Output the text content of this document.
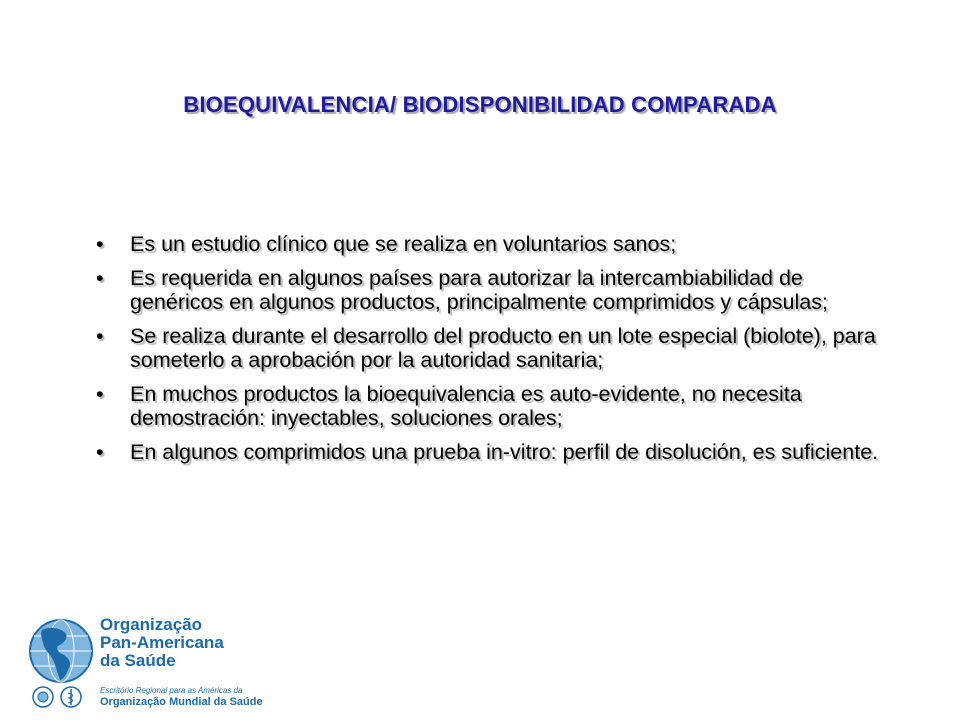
BIOEQUIVALENCIA/ BIODISPONIBILIDAD COMPARADA
• Es un estudio clínico que se realiza en voluntarios sanos;
• Es requerida en algunos países para autorizar la intercambiabilidad de genéricos en algunos productos, principalmente comprimidos y cápsulas;
• Se realiza durante el desarrollo del producto en un lote especial (biolote), para someterlo a aprobación por la autoridad sanitaria;
• En muchos productos la bioequivalencia es auto-evidente, no necesita demostración: inyectables, soluciones orales;
• En algunos comprimidos una prueba in-vitro: perfil de disolución, es suficiente.
Organização
Pan-Americana
da Saúde
Escritório Regional para as Américas da
Organização Mundial da Saúde
